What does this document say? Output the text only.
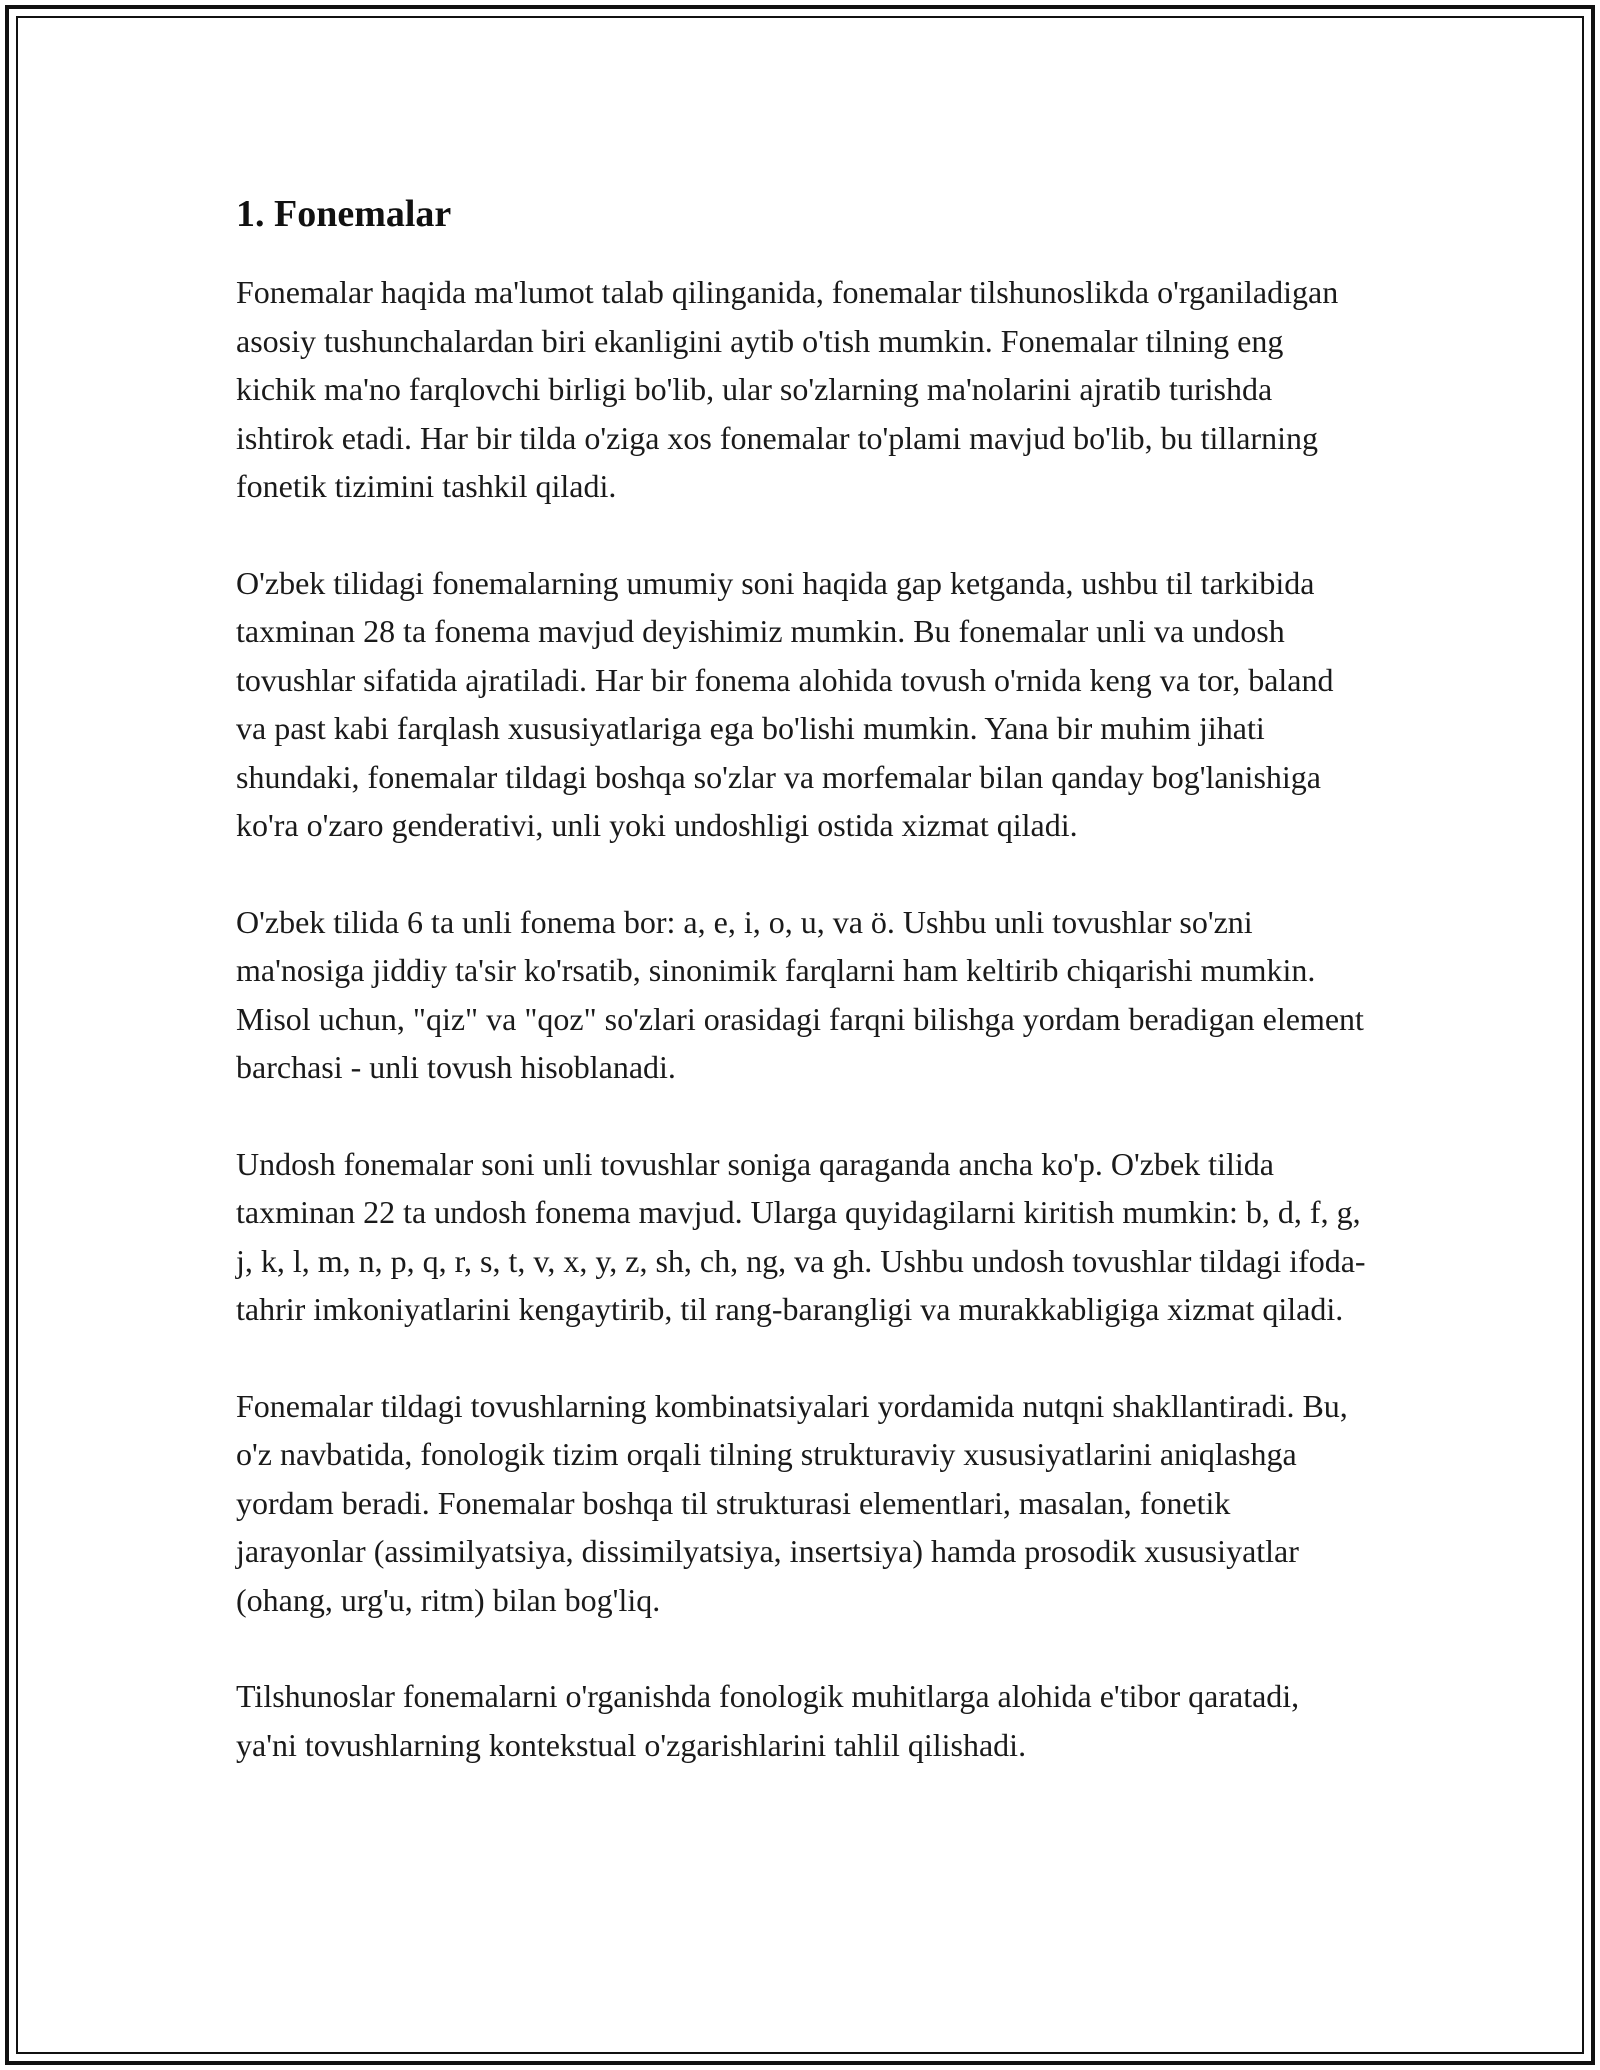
1. Fonemalar

Fonemalar haqida ma'lumot talab qilinganida, fonemalar tilshunoslikda o'rganiladigan asosiy tushunchalardan biri ekanligini aytib o'tish mumkin. Fonemalar tilning eng kichik ma'no farqlovchi birligi bo'lib, ular so'zlarning ma'nolarini ajratib turishda ishtirok etadi. Har bir tilda o'ziga xos fonemalar to'plami mavjud bo'lib, bu tillarning fonetik tizimini tashkil qiladi.

O'zbek tilidagi fonemalarning umumiy soni haqida gap ketganda, ushbu til tarkibida taxminan 28 ta fonema mavjud deyishimiz mumkin. Bu fonemalar unli va undosh tovushlar sifatida ajratiladi. Har bir fonema alohida tovush o'rnida keng va tor, baland va past kabi farqlash xususiyatlariga ega bo'lishi mumkin. Yana bir muhim jihati shundaki, fonemalar tildagi boshqa so'zlar va morfemalar bilan qanday bog'lanishiga ko'ra o'zaro genderativi, unli yoki undoshligi ostida xizmat qiladi.

O'zbek tilida 6 ta unli fonema bor: a, e, i, o, u, va ö. Ushbu unli tovushlar so'zni ma'nosiga jiddiy ta'sir ko'rsatib, sinonimik farqlarni ham keltirib chiqarishi mumkin. Misol uchun, "qiz" va "qoz" so'zlari orasidagi farqni bilishga yordam beradigan element barchasi - unli tovush hisoblanadi.

Undosh fonemalar soni unli tovushlar soniga qaraganda ancha ko'p. O'zbek tilida taxminan 22 ta undosh fonema mavjud. Ularga quyidagilarni kiritish mumkin: b, d, f, g, j, k, l, m, n, p, q, r, s, t, v, x, y, z, sh, ch, ng, va gh. Ushbu undosh tovushlar tildagi ifoda-tahrir imkoniyatlarini kengaytirib, til rang-barangligi va murakkabligiga xizmat qiladi.

Fonemalar tildagi tovushlarning kombinatsiyalari yordamida nutqni shakllantiradi. Bu, o'z navbatida, fonologik tizim orqali tilning strukturaviy xususiyatlarini aniqlashga yordam beradi. Fonemalar boshqa til strukturasi elementlari, masalan, fonetik jarayonlar (assimilyatsiya, dissimilyatsiya, insertsiya) hamda prosodik xususiyatlar (ohang, urg'u, ritm) bilan bog'liq.

Tilshunoslar fonemalarni o'rganishda fonologik muhitlarga alohida e'tibor qaratadi, ya'ni tovushlarning kontekstual o'zgarishlarini tahlil qilishadi.
